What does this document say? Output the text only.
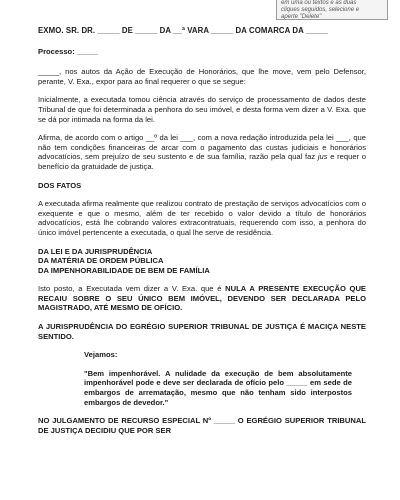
em uma ou textos e as duas
cliques seguidos, selecione e
aperte "Delete"
EXMO. SR. DR. _____ DE _____ DA __ª VARA _____ DA COMARCA DA _____

Processo: _____

_____, nos autos da Ação de Execução de Honorários, que lhe move, vem pelo Defensor, perante, V. Exa., expor para ao final requerer o que se segue:

Inicialmente, a executada tomou ciência através do serviço de processamento de dados deste Tribunal de que foi determinada a penhora do seu imóvel, e desta forma vem dizer a V. Exa. que se dá por intimada na forma da lei.

Afirma, de acordo com o artigo __º da lei ___, com a nova redação introduzida pela lei ___, que não tem condições financeiras de arcar com o pagamento das custas judiciais e honorários advocatícios, sem prejuízo de seu sustento e de sua família, razão pela qual faz jus e requer o benefício da gratuidade de justiça.

DOS FATOS

A executada afirma realmente que realizou contrato de prestação de serviços advocatícios com o exequente e que o mesmo, além de ter recebido o valor devido a título de honorários advocatícios, está lhe cobrando valores extracontratuais, requerendo com isso, a penhora do único imóvel pertencente a executada, o qual lhe serve de residência.

DA LEI E DA JURISPRUDÊNCIA

DA MATÉRIA DE ORDEM PÚBLICA

DA IMPENHORABILIDADE DE BEM DE FAMÍLIA

Isto posto, a Executada vem dizer a V. Exa. que é NULA A PRESENTE EXECUÇÃO QUE RECAIU SOBRE O SEU ÚNICO BEM IMÓVEL, DEVENDO SER DECLARADA PELO MAGISTRADO, ATÉ MESMO DE OFÍCIO.

A JURISPRUDÊNCIA DO EGRÉGIO SUPERIOR TRIBUNAL DE JUSTIÇA É MACIÇA NESTE SENTIDO.

Vejamos:

"Bem impenhorável. A nulidade da execução de bem absolutamente impenhorável pode e deve ser declarada de ofício pelo _____ em sede de embargos de arrematação, mesmo que não tenham sido interpostos embargos de devedor."

NO JULGAMENTO DE RECURSO ESPECIAL Nº _____ O EGRÉGIO SUPERIOR TRIBUNAL DE JUSTIÇA DECIDIU QUE POR SER
